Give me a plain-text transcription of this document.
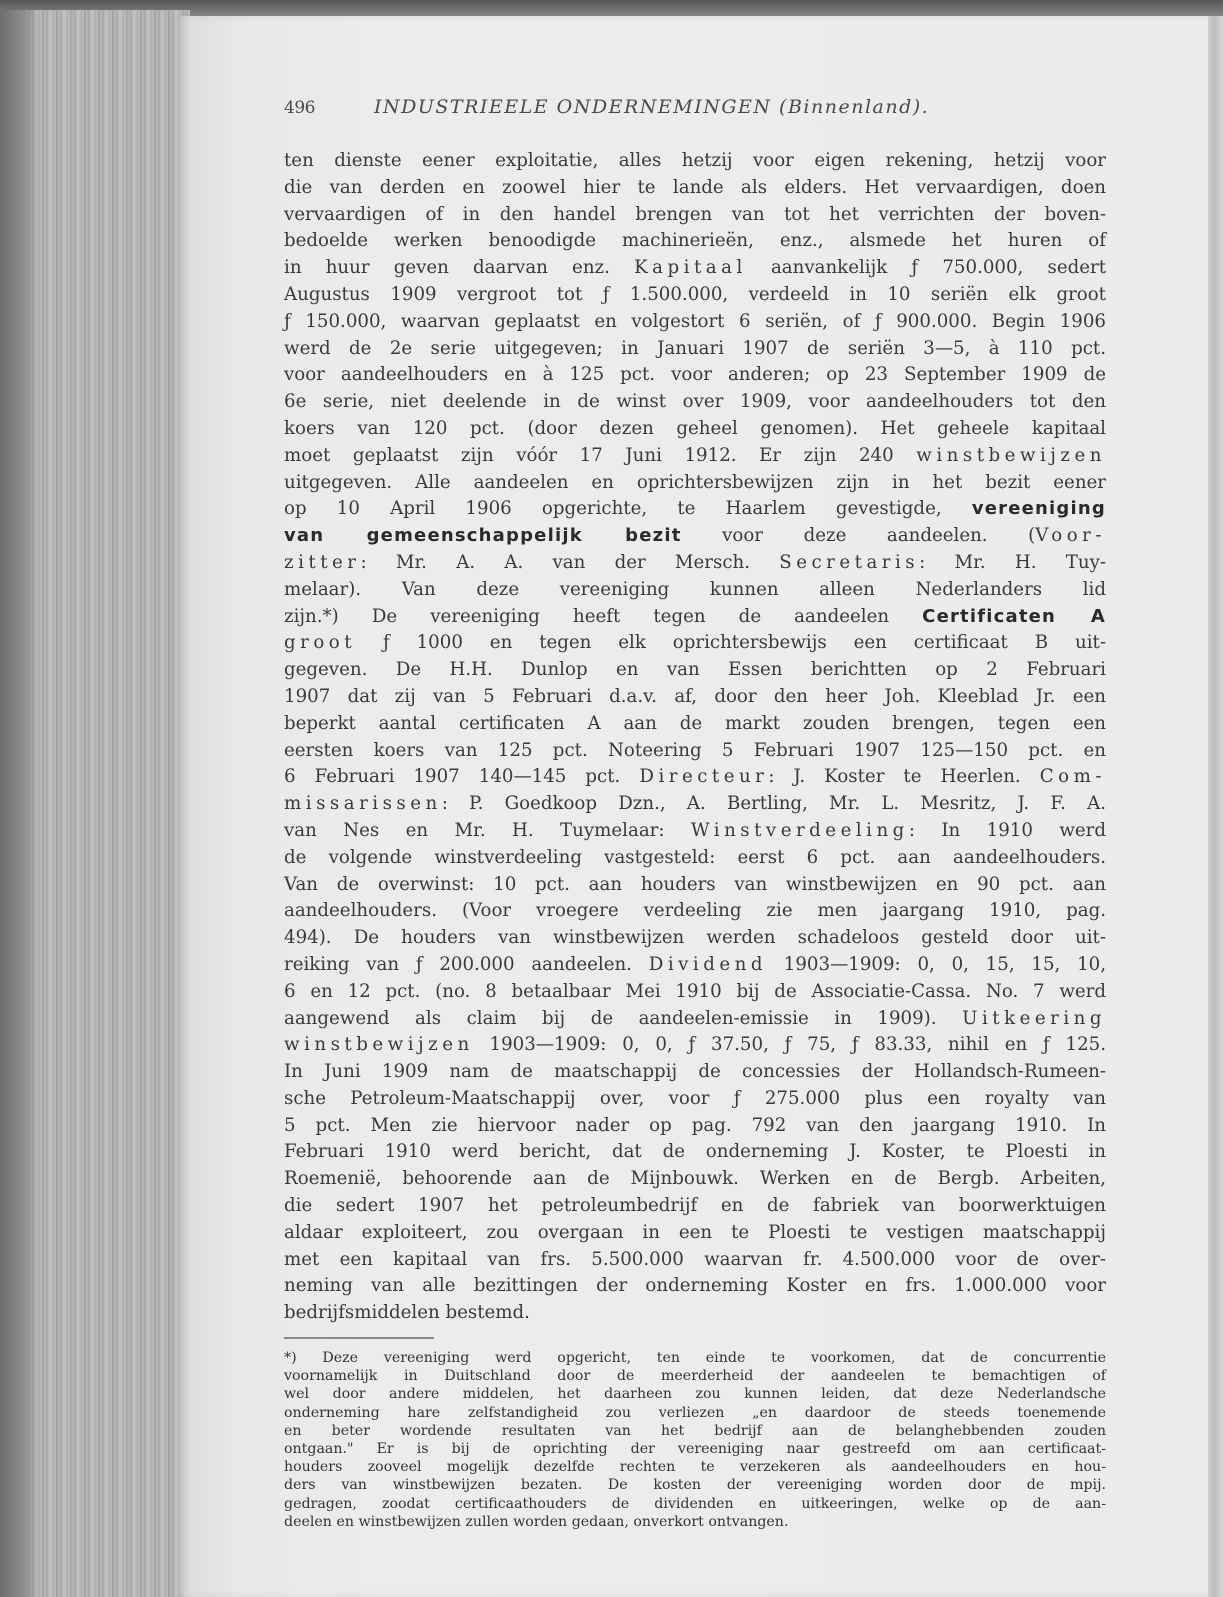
496	INDUSTRIEELE ONDERNEMINGEN (Binnenland).
ten dienste eener exploitatie, alles hetzij voor eigen rekening, hetzij voor
die van derden en zoowel hier te lande als elders. Het vervaardigen, doen
vervaardigen of in den handel brengen van tot het verrichten der boven-
bedoelde werken benoodigde machinerieën, enz., alsmede het huren of
in huur geven daarvan enz. Kapitaal aanvankelijk ƒ 750.000, sedert
Augustus 1909 vergroot tot ƒ 1.500.000, verdeeld in 10 seriën elk groot
ƒ 150.000, waarvan geplaatst en volgestort 6 seriën, of ƒ 900.000. Begin 1906
werd de 2e serie uitgegeven; in Januari 1907 de seriën 3—5, à 110 pct.
voor aandeelhouders en à 125 pct. voor anderen; op 23 September 1909 de
6e serie, niet deelende in de winst over 1909, voor aandeelhouders tot den
koers van 120 pct. (door dezen geheel genomen). Het geheele kapitaal
moet geplaatst zijn vóór 17 Juni 1912. Er zijn 240 winstbewijzen
uitgegeven. Alle aandeelen en oprichtersbewijzen zijn in het bezit eener
op 10 April 1906 opgerichte, te Haarlem gevestigde, vereeniging
van gemeenschappelijk bezit voor deze aandeelen. (Voor-
zitter: Mr. A. A. van der Mersch. Secretaris: Mr. H. Tuy-
melaar). Van deze vereeniging kunnen alleen Nederlanders lid
zijn.*) De vereeniging heeft tegen de aandeelen Certificaten A
groot ƒ 1000 en tegen elk oprichtersbewijs een certificaat B uit-
gegeven. De H.H. Dunlop en van Essen berichtten op 2 Februari
1907 dat zij van 5 Februari d.a.v. af, door den heer Joh. Kleeblad Jr. een
beperkt aantal certificaten A aan de markt zouden brengen, tegen een
eersten koers van 125 pct. Noteering 5 Februari 1907 125—150 pct. en
6 Februari 1907 140—145 pct. Directeur: J. Koster te Heerlen. Com-
missarissen: P. Goedkoop Dzn., A. Bertling, Mr. L. Mesritz, J. F. A.
van Nes en Mr. H. Tuymelaar: Winstverdeeling: In 1910 werd
de volgende winstverdeeling vastgesteld: eerst 6 pct. aan aandeelhouders.
Van de overwinst: 10 pct. aan houders van winstbewijzen en 90 pct. aan
aandeelhouders. (Voor vroegere verdeeling zie men jaargang 1910, pag.
494). De houders van winstbewijzen werden schadeloos gesteld door uit-
reiking van ƒ 200.000 aandeelen. Dividend 1903—1909: 0, 0, 15, 15, 10,
6 en 12 pct. (no. 8 betaalbaar Mei 1910 bij de Associatie-Cassa. No. 7 werd
aangewend als claim bij de aandeelen-emissie in 1909). Uitkeering
winstbewijzen 1903—1909: 0, 0, ƒ 37.50, ƒ 75, ƒ 83.33, nihil en ƒ 125.
In Juni 1909 nam de maatschappij de concessies der Hollandsch-Rumeen-
sche Petroleum-Maatschappij over, voor ƒ 275.000 plus een royalty van
5 pct. Men zie hiervoor nader op pag. 792 van den jaargang 1910. In
Februari 1910 werd bericht, dat de onderneming J. Koster, te Ploesti in
Roemenië, behoorende aan de Mijnbouwk. Werken en de Bergb. Arbeiten,
die sedert 1907 het petroleumbedrijf en de fabriek van boorwerktuigen
aldaar exploiteert, zou overgaan in een te Ploesti te vestigen maatschappij
met een kapitaal van frs. 5.500.000 waarvan fr. 4.500.000 voor de over-
neming van alle bezittingen der onderneming Koster en frs. 1.000.000 voor
bedrijfsmiddelen bestemd.
*) Deze vereeniging werd opgericht, ten einde te voorkomen, dat de concurrentie
voornamelijk in Duitschland door de meerderheid der aandeelen te bemachtigen of
wel door andere middelen, het daarheen zou kunnen leiden, dat deze Nederlandsche
onderneming hare zelfstandigheid zou verliezen „en daardoor de steeds toenemende
en beter wordende resultaten van het bedrijf aan de belanghebbenden zouden
ontgaan." Er is bij de oprichting der vereeniging naar gestreefd om aan certificaat-
houders zooveel mogelijk dezelfde rechten te verzekeren als aandeelhouders en hou-
ders van winstbewijzen bezaten. De kosten der vereeniging worden door de mpij.
gedragen, zoodat certificaathouders de dividenden en uitkeeringen, welke op de aan-
deelen en winstbewijzen zullen worden gedaan, onverkort ontvangen.
